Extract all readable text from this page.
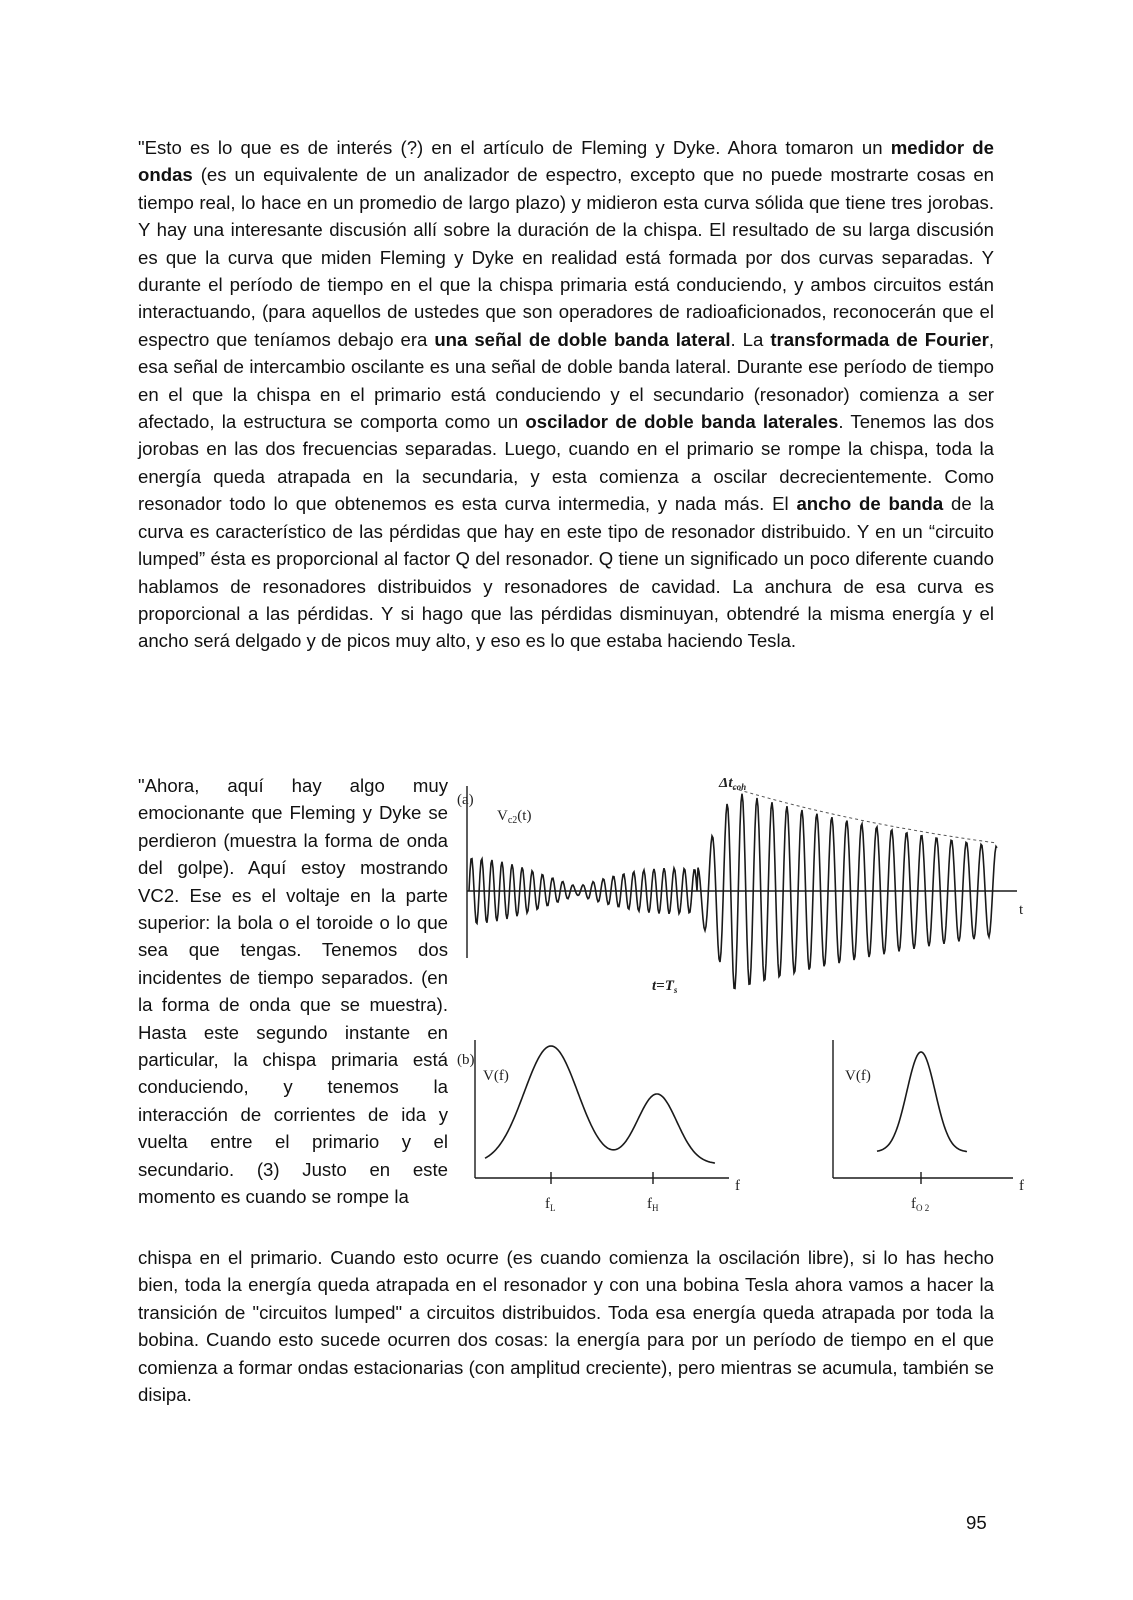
"Esto es lo que es de interés (?) en el artículo de Fleming y Dyke. Ahora tomaron un medidor de ondas (es un equivalente de un analizador de espectro, excepto que no puede mostrarte cosas en tiempo real, lo hace en un promedio de largo plazo) y midieron esta curva sólida que tiene tres jorobas. Y hay una interesante discusión allí sobre la duración de la chispa. El resultado de su larga discusión es que la curva que miden Fleming y Dyke en realidad está formada por dos curvas separadas. Y durante el período de tiempo en el que la chispa primaria está conduciendo, y ambos circuitos están interactuando, (para aquellos de ustedes que son operadores de radioaficionados, reconocerán que el espectro que teníamos debajo era una señal de doble banda lateral. La transformada de Fourier, esa señal de intercambio oscilante es una señal de doble banda lateral. Durante ese período de tiempo en el que la chispa en el primario está conduciendo y el secundario (resonador) comienza a ser afectado, la estructura se comporta como un oscilador de doble banda laterales. Tenemos las dos jorobas en las dos frecuencias separadas. Luego, cuando en el primario se rompe la chispa, toda la energía queda atrapada en la secundaria, y esta comienza a oscilar decrecientemente. Como resonador todo lo que obtenemos es esta curva intermedia, y nada más. El ancho de banda de la curva es característico de las pérdidas que hay en este tipo de resonador distribuido. Y en un “circuito lumped” ésta es proporcional al factor Q del resonador. Q tiene un significado un poco diferente cuando hablamos de resonadores distribuidos y resonadores de cavidad. La anchura de esa curva es proporcional a las pérdidas. Y si hago que las pérdidas disminuyan, obtendré la misma energía y el ancho será delgado y de picos muy alto, y eso es lo que estaba haciendo Tesla.

"Ahora, aquí hay algo muy emocionante que Fleming y Dyke se perdieron (muestra la forma de onda del golpe). Aquí estoy mostrando VC2. Ese es el voltaje en la parte superior: la bola o el toroide o lo que sea que tengas. Tenemos dos incidentes de tiempo separados. (en la forma de onda que se muestra). Hasta este segundo instante en particular, la chispa primaria está conduciendo, y tenemos la interacción de corrientes de ida y vuelta entre el primario y el secundario. (3) Justo en este momento es cuando se rompe la

(a)
$V_{c2}(t)$
t
$\Delta t_{coh}$
$t=T_s$
(b)
V(f)
f
$f_L$	$f_H$
V(f)
f
$f_{O 2}$

chispa en el primario. Cuando esto ocurre (es cuando comienza la oscilación libre), si lo has hecho bien, toda la energía queda atrapada en el resonador y con una bobina Tesla ahora vamos a hacer la transición de "circuitos lumped" a circuitos distribuidos. Toda esa energía queda atrapada por toda la bobina. Cuando esto sucede ocurren dos cosas: la energía para por un período de tiempo en el que comienza a formar ondas estacionarias (con amplitud creciente), pero mientras se acumula, también se disipa.

95
